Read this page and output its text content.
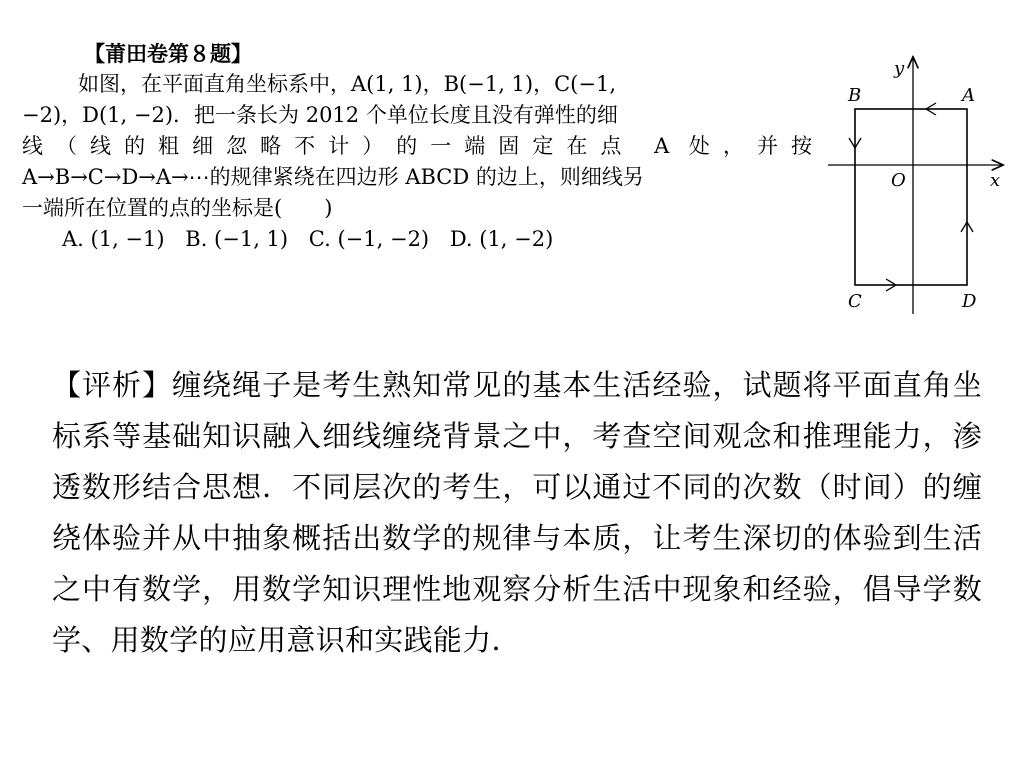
【莆田卷第８题】
如图，在平面直角坐标系中，A(1, 1)，B(−1, 1)，C(−1,
−2)，D(1, −2)．把一条长为 2012 个单位长度且没有弹性的细
线（线的粗细忽略不计）的一端固定在点 A 处，并按
A→B→C→D→A→⋯的规律紧绕在四边形 ABCD 的边上，则细线另
一端所在位置的点的坐标是(　　)
A. (1, −1) B. (−1, 1) C. (−1, −2) D. (1, −2)
B	A
C	D
O	x
y

【评析】缠绕绳子是考生熟知常见的基本生活经验，试题将平面直角坐标系等基础知识融入细线缠绕背景之中，考查空间观念和推理能力，渗透数形结合思想．不同层次的考生，可以通过不同的次数（时间）的缠绕体验并从中抽象概括出数学的规律与本质，让考生深切的体验到生活之中有数学，用数学知识理性地观察分析生活中现象和经验，倡导学数学、用数学的应用意识和实践能力．
